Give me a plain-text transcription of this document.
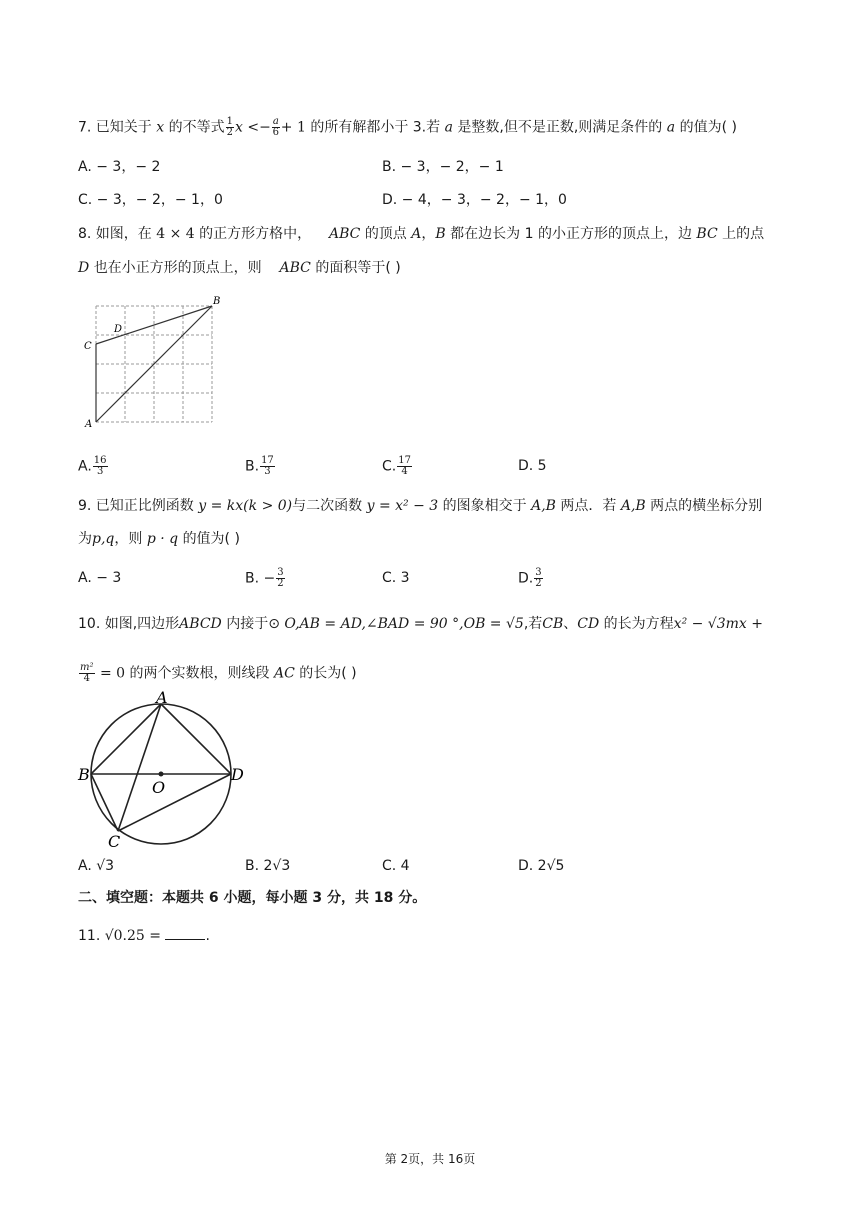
7. 已知关于 x 的不等式 $\frac{1}{2}$ $x <- \frac{a}{6} + 1$ 的所有解都小于 3.若 a 是整数,但不是正数,则满足条件的 a 的值为( )
A. − 3，− 2	B. − 3，− 2，− 1
C. − 3，− 2，− 1，0	D. − 4，− 3，− 2，− 1，0
8. 如图，在 4 × 4 的正方形方格中， ABC 的顶点 A，B 都在边长为 1 的小正方形的顶点上，边 BC 上的点
D 也在小正方形的顶点上，则 ABC 的面积等于( )
A
B
C
D
A. $\frac{16}{3}$	B. $\frac{17}{3}$	C. $\frac{17}{4}$	D. 5
9. 已知正比例函数 y = kx(k > 0)与二次函数 y = x² − 3 的图象相交于 A,B 两点．若 A,B 两点的横坐标分别
为p,q，则 p · q 的值为( )
A. − 3	B. − $\frac{3}{2}$	C. 3	D. $\frac{3}{2}$
10. 如图,四边形ABCD 内接于⊙ O,AB = AD,∠BAD = 90 °,OB = √5,若CB、CD 的长为方程x² − √3mx +
$\frac{\text{m²}}{4} = 0$ 的两个实数根，则线段 AC 的长为( )
A
B
C
D
O
A. √3	B. 2√3	C. 4	D. 2√5
二、填空题：本题共 6 小题，每小题 3 分，共 18 分。
11. √0.25 =	.
第 2页，共 16页
